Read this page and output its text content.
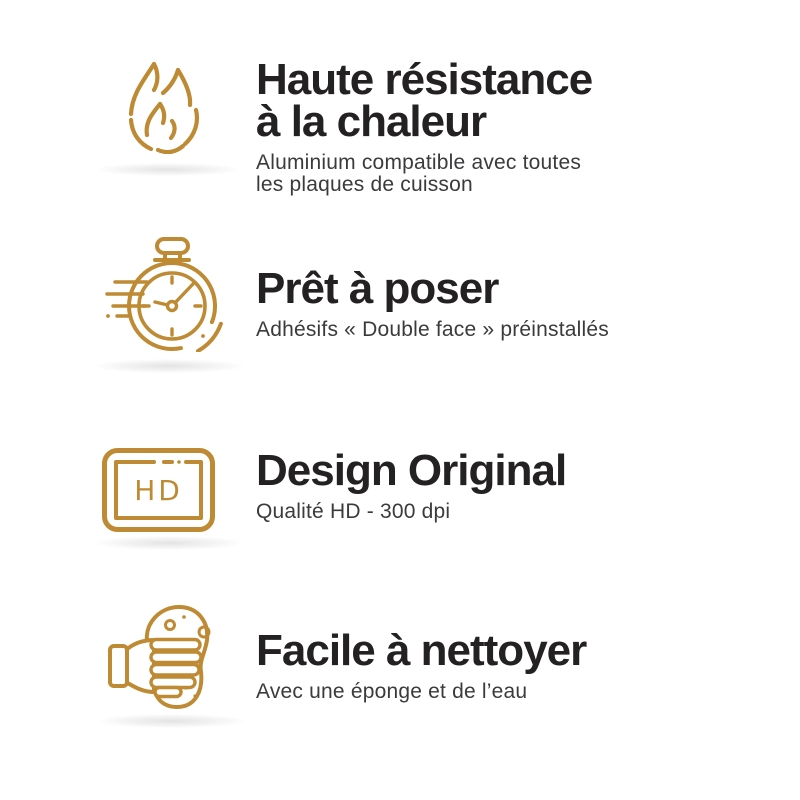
Haute résistance
à la chaleur
Aluminium compatible avec toutes
les plaques de cuisson
Prêt à poser
Adhésifs « Double face » préinstallés
HD Design Original
Qualité HD - 300 dpi
Facile à nettoyer
Avec une éponge et de l’eau
